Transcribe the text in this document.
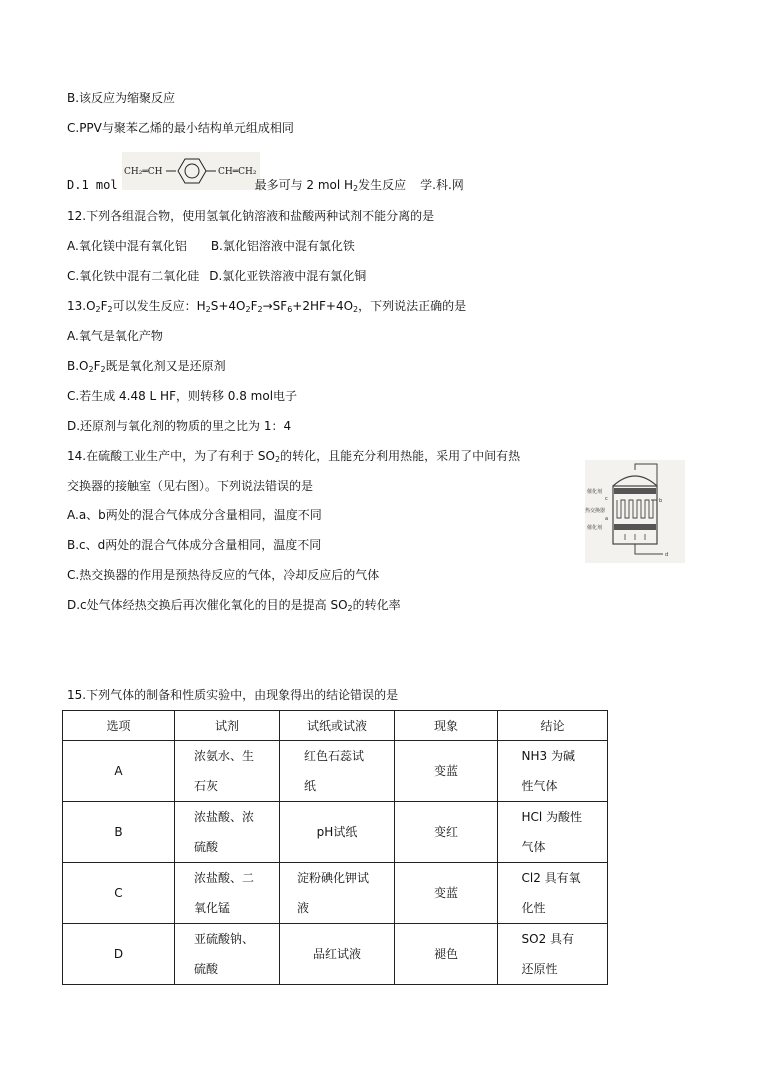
B.该反应为缩聚反应
C.PPV与聚苯乙烯的最小结构单元组成相同
CH₂═CH	CH═CH₂
D.1 mol	最多可与 2 mol $H_2$发生反应 学.科.网
12.下列各组混合物，使用氢氧化钠溶液和盐酸两种试剂不能分离的是
A.氧化镁中混有氧化铝 B.氯化铝溶液中混有氯化铁
C.氧化铁中混有二氧化硅 D.氯化亚铁溶液中混有氯化铜
$13.O_2F_2$可以发生反应：$H_2S+4O_2F_2\to SF_6+2HF+4O_2$，下列说法正确的是
A.氧气是氧化产物
$B.O_2F_2$既是氧化剂又是还原剂
C.若生成 4.48 L HF，则转移 0.8 mol电子
D.还原剂与氧化剂的物质的里之比为 1：4
14.在硫酸工业生产中，为了有利于 $SO_2$的转化，且能充分利用热能，采用了中间有热
交换器的接触室（见右图）。下列说法错误的是
A.a、b两处的混合气体成分含量相同，温度不同
B.c、d两处的混合气体成分含量相同，温度不同
C.热交换器的作用是预热待反应的气体，冷却反应后的气体
D.c处气体经热交换后再次催化氧化的目的是提高 $SO_2$的转化率
催化剂
c
热交换器
a
催化剂
b
d
15.下列气体的制备和性质实验中，由现象得出的结论错误的是
选项	试剂	试纸或试液	现象	结论
A	浓氨水、生石灰	红色石蕊试纸	变蓝	NH3 为碱性气体
B	浓盐酸、浓硫酸	pH试纸	变红	HCl 为酸性气体
C	浓盐酸、二氧化锰	淀粉碘化钾试液	变蓝	Cl2 具有氧化性
D	亚硫酸钠、硫酸	品红试液	褪色	SO2 具有还原性
